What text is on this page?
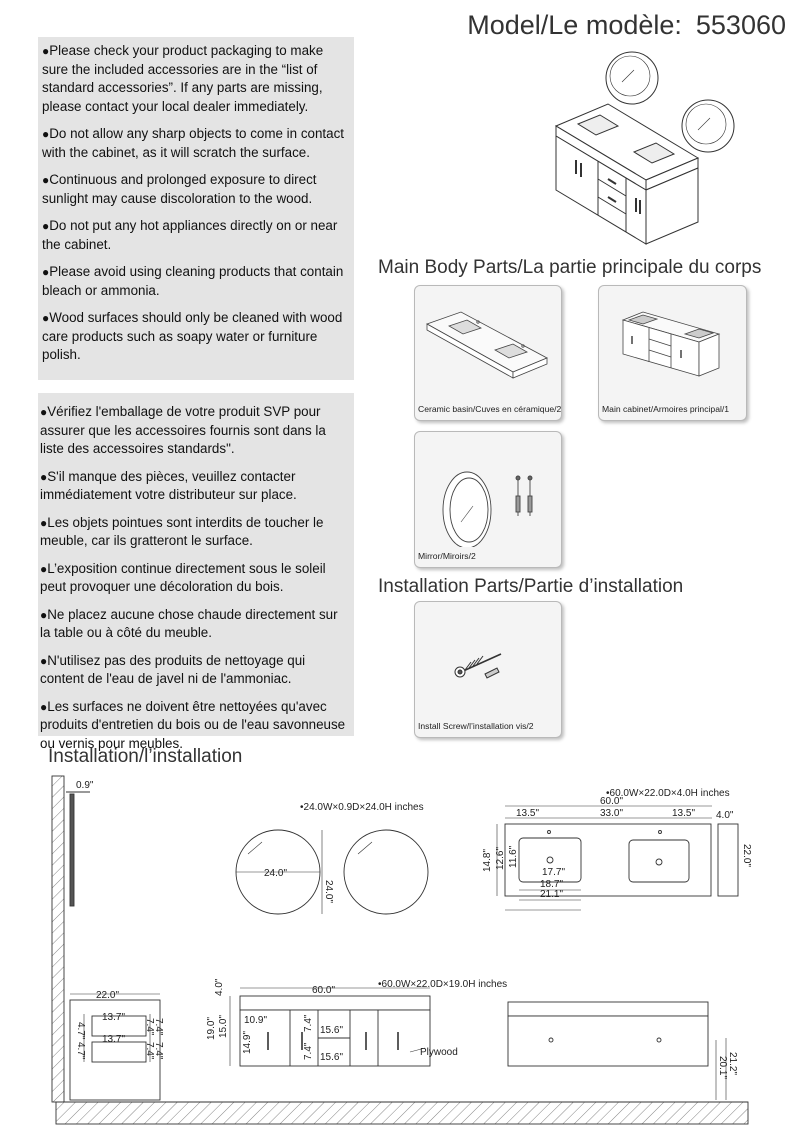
Model/Le modèle: 553060

●Please check your product packaging to make sure the included accessories are in the “list of standard accessories”. If any parts are missing, please contact your local dealer immediately.

●Do not allow any sharp objects to come in contact with the cabinet, as it will scratch the surface.

●Continuous and prolonged exposure to direct sunlight may cause discoloration to the wood.

●Do not put any hot appliances directly on or near the cabinet.

●Please avoid using cleaning products that contain bleach or ammonia.

●Wood surfaces should only be cleaned with wood care products such as soapy water or furniture polish.

●Vérifiez l'emballage de votre produit SVP pour assurer que les accessoires fournis sont dans la liste des accessoires standards".

●S'il manque des pièces, veuillez contacter immédiatement votre distributeur sur place.

●Les objets pointues sont interdits de toucher le meuble, car ils gratteront le surface.

●L’exposition continue directement sous le soleil peut provoquer une décoloration du bois.

●Ne placez aucune chose chaude directement sur la table ou à côté du meuble.

●N'utilisez pas des produits de nettoyage qui content de l'eau de javel ni de l'ammoniac.

●Les surfaces ne doivent être nettoyées qu'avec produits d'entretien du bois ou de l'eau savonneuse ou vernis pour meubles.

Main Body Parts/La partie principale du corps
Ceramic basin/Cuves en céramique/2	Main cabinet/Armoires principal/1
Mirror/Miroirs/2
Installation Parts/Partie d’installation
Install Screw/l’installation vis/2
Installation/l’installation
0.9"
•24.0W×0.9D×24.0H inches
24.0"
24.0"
•60.0W×22.0D×4.0H inches
60.0"
13.5"	33.0"	13.5" 4.0"
22.0"
14.8" 12.6" 11.6"
17.7"
18.7"
21.1"
22.0"
13.7"
13.7"
4.7"
4.7"
7.4"
7.4"
7.4"
7.4"
60.0"
•60.0W×22.0D×19.0H inches
4.0"
19.0" 15.0" 10.9"
14.9"
15.6"
15.6"
7.4"
7.4"	Plywood	21.2"
20.1"
